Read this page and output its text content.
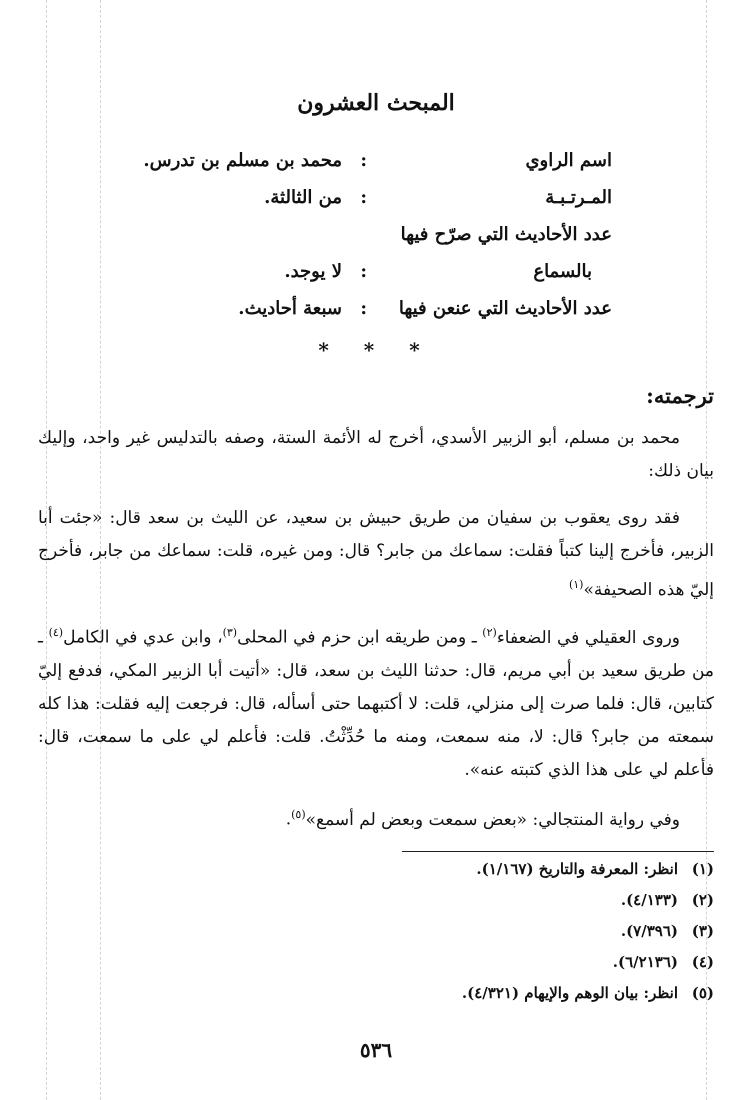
المبحث العشرون
اسم الراوي
:
محمد بن مسلم بن تدرس.
المـرتـبـة
:
من الثالثة.
عدد الأحاديث التي صرّح فيها
بالسماع
:
لا يوجد.
عدد الأحاديث التي عنعن فيها
:
سبعة أحاديث.
* * *
ترجمته:

محمد بن مسلم، أبو الزبير الأسدي، أخرج له الأئمة الستة، وصفه بالتدليس غير واحد، وإليك بيان ذلك:

فقد روى يعقوب بن سفيان من طريق حبيش بن سعيد، عن الليث بن سعد قال: «جئت أبا الزبير، فأخرج إلينا كتباً فقلت: سماعك من جابر؟ قال: ومن غيره، قلت: سماعك من جابر، فأخرج إليّ هذه الصحيفة»$^{(١)}$

وروى العقيلي في الضعفاء$^{(٢)}$ ـ ومن طريقه ابن حزم في المحلى$^{(٣)}$، وابن عدي في الكامل$^{(٤)}$ ـ من طريق سعيد بن أبي مريم، قال: حدثنا الليث بن سعد، قال: «أتيت أبا الزبير المكي، فدفع إليّ كتابين، قال: فلما صرت إلى منزلي، قلت: لا أكتبهما حتى أسأله، قال: فرجعت إليه فقلت: هذا كله سمعته من جابر؟ قال: لا، منه سمعت، ومنه ما حُدِّثْتُ. قلت: فأعلم لي على ما سمعت، قال: فأعلم لي على هذا الذي كتبته عنه».

وفي رواية المنتجالي: «بعض سمعت وبعض لم أسمع»$^{(٥)}$.

(١)انظر: المعرفة والتاريخ (١/١٦٧).
(٢)(٤/١٣٣).
(٣)(٧/٣٩٦).
(٤)(٦/٢١٣٦).
(٥)انظر: بيان الوهم والإيهام (٤/٣٢١).
٥٣٦
